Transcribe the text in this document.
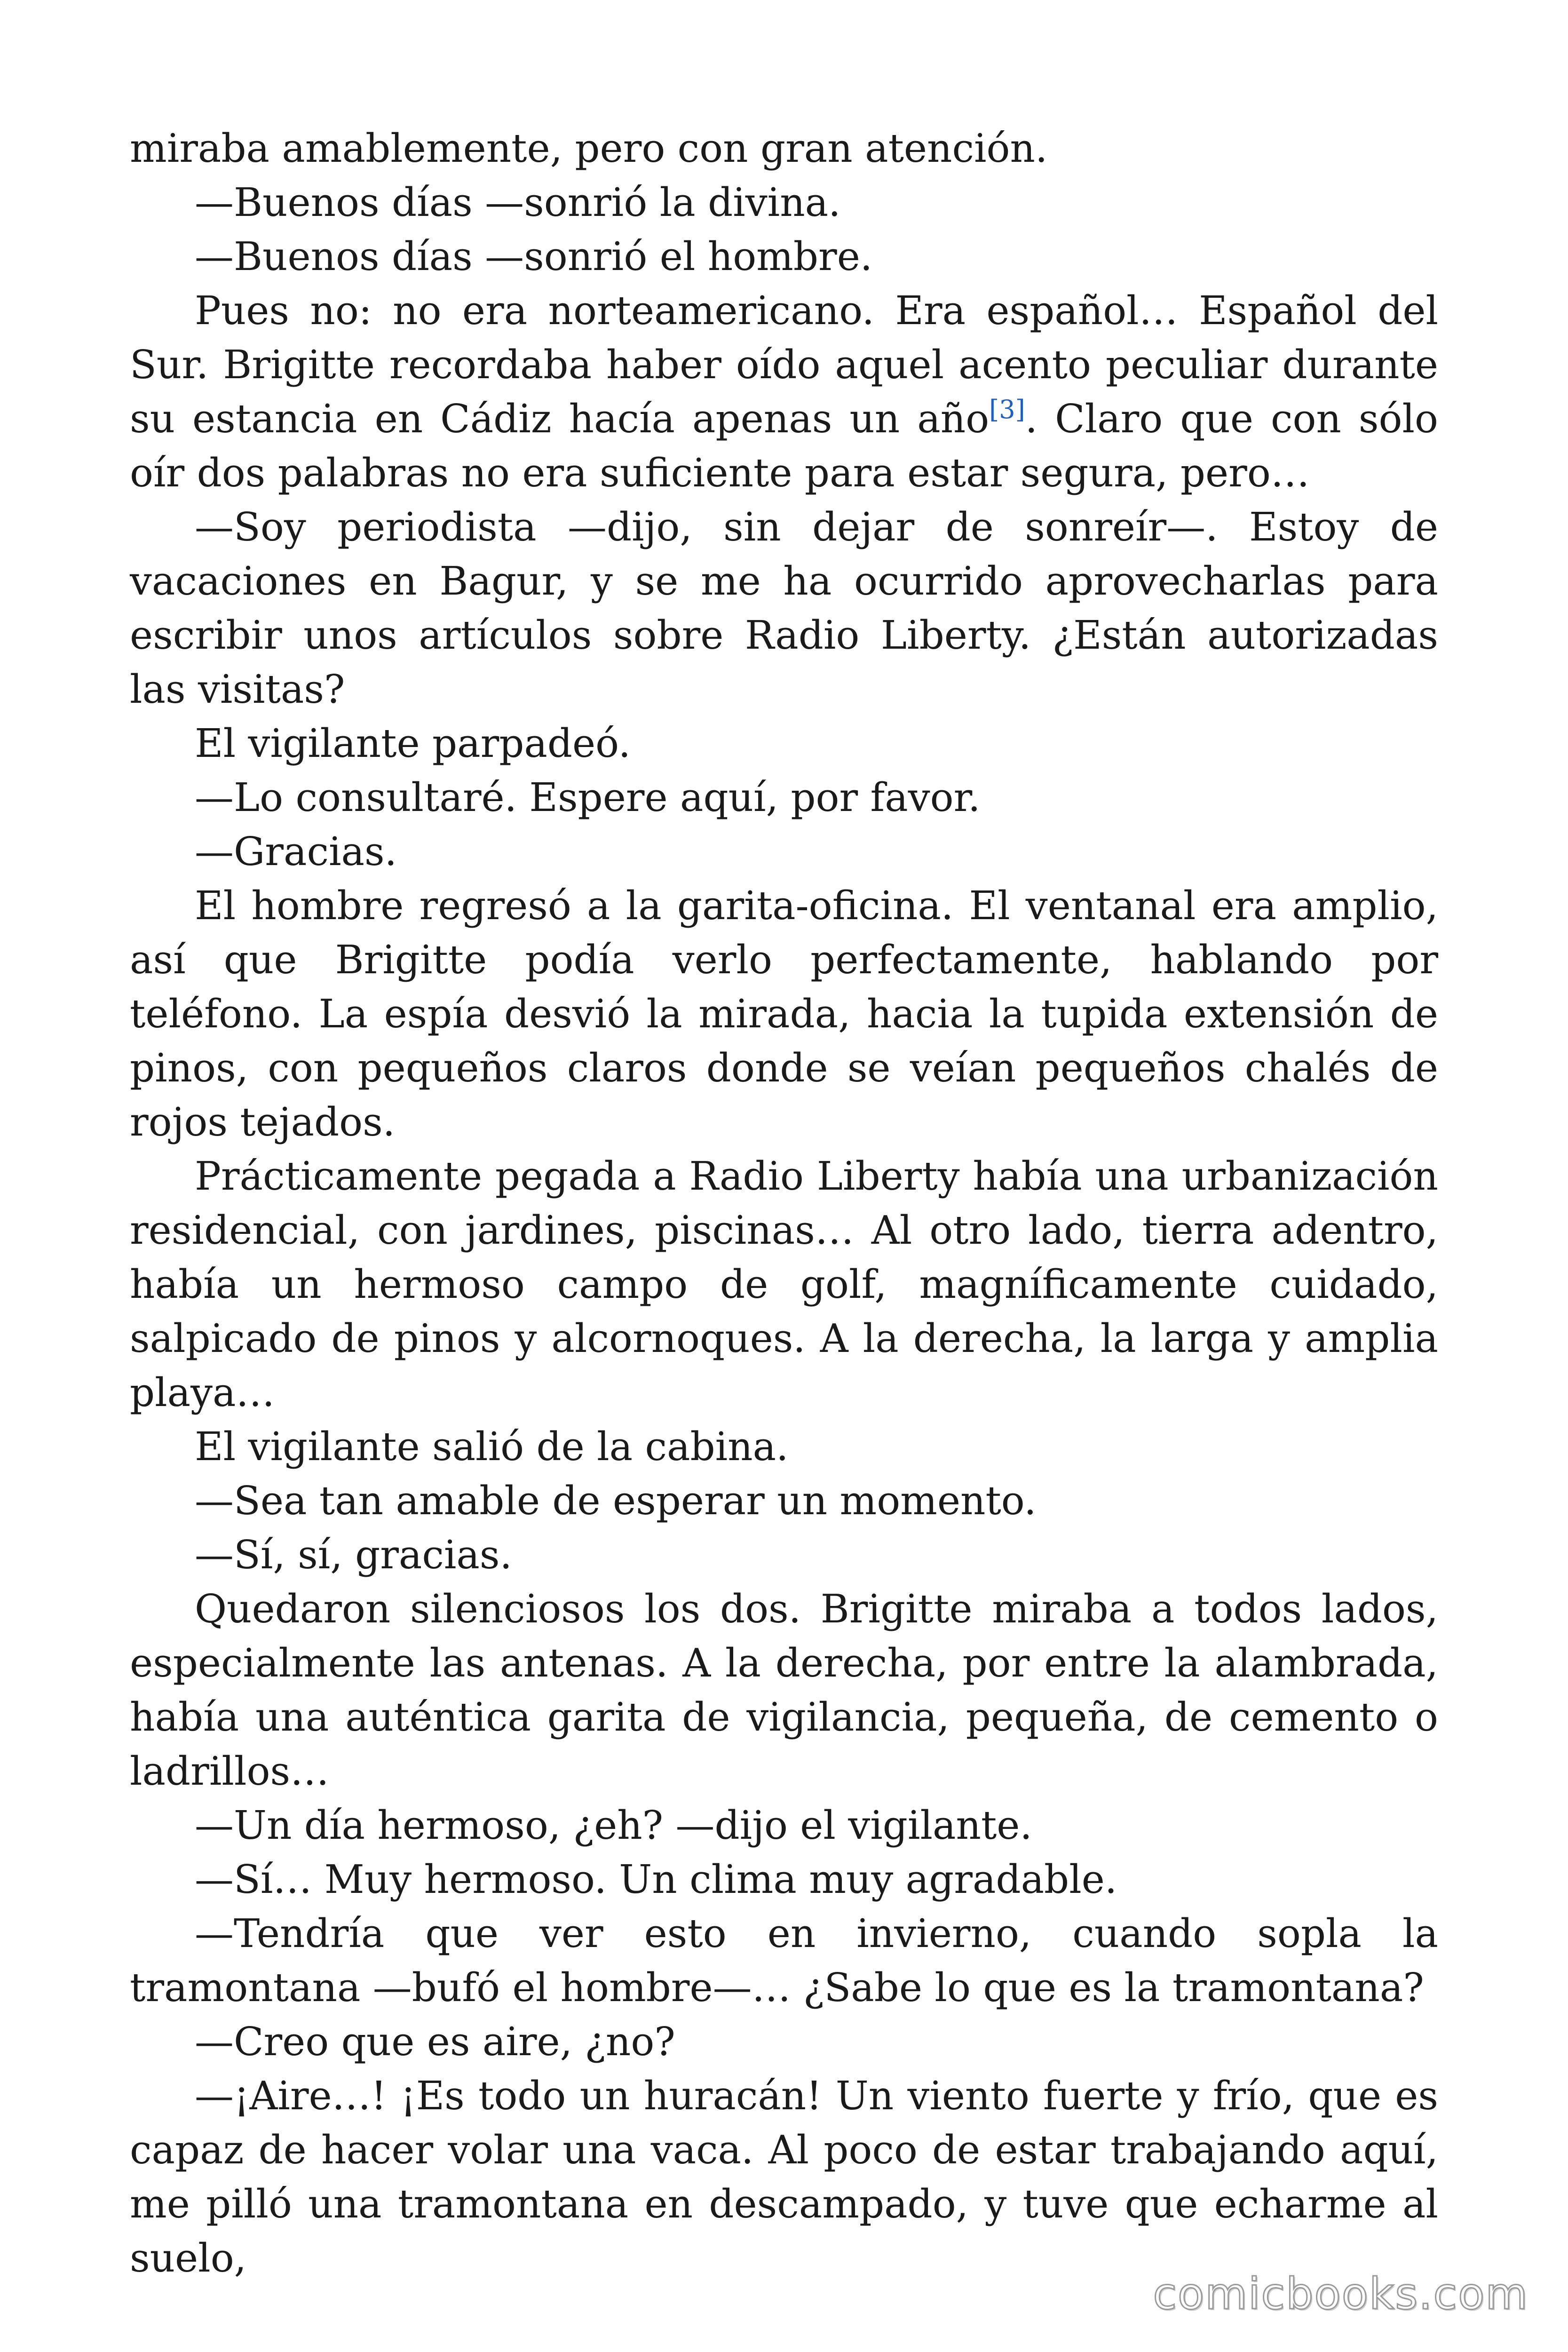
miraba amablemente, pero con gran atención.

—Buenos días —sonrió la divina.

—Buenos días —sonrió el hombre.

Pues no: no era norteamericano. Era español… Español del Sur. Brigitte recordaba haber oído aquel acento peculiar durante su estancia en Cádiz hacía apenas un año[3]. Claro que con sólo oír dos palabras no era suficiente para estar segura, pero…

—Soy periodista —dijo, sin dejar de sonreír—. Estoy de vacaciones en Bagur, y se me ha ocurrido aprovecharlas para escribir unos artículos sobre Radio Liberty. ¿Están autorizadas las visitas?

El vigilante parpadeó.

—Lo consultaré. Espere aquí, por favor.

—Gracias.

El hombre regresó a la garita-oficina. El ventanal era amplio, así que Brigitte podía verlo perfectamente, hablando por teléfono. La espía desvió la mirada, hacia la tupida extensión de pinos, con pequeños claros donde se veían pequeños chalés de rojos tejados.

Prácticamente pegada a Radio Liberty había una urbanización residencial, con jardines, piscinas… Al otro lado, tierra adentro, había un hermoso campo de golf, magníficamente cuidado, salpicado de pinos y alcornoques. A la derecha, la larga y amplia playa…

El vigilante salió de la cabina.

—Sea tan amable de esperar un momento.

—Sí, sí, gracias.

Quedaron silenciosos los dos. Brigitte miraba a todos lados, especialmente las antenas. A la derecha, por entre la alambrada, había una auténtica garita de vigilancia, pequeña, de cemento o ladrillos…

—Un día hermoso, ¿eh? —dijo el vigilante.

—Sí… Muy hermoso. Un clima muy agradable.

—Tendría que ver esto en invierno, cuando sopla la tramontana —bufó el hombre—… ¿Sabe lo que es la tramontana?

—Creo que es aire, ¿no?

—¡Aire…! ¡Es todo un huracán! Un viento fuerte y frío, que es capaz de hacer volar una vaca. Al poco de estar trabajando aquí, me pilló una tramontana en descampado, y tuve que echarme al suelo,

comicbooks.com
